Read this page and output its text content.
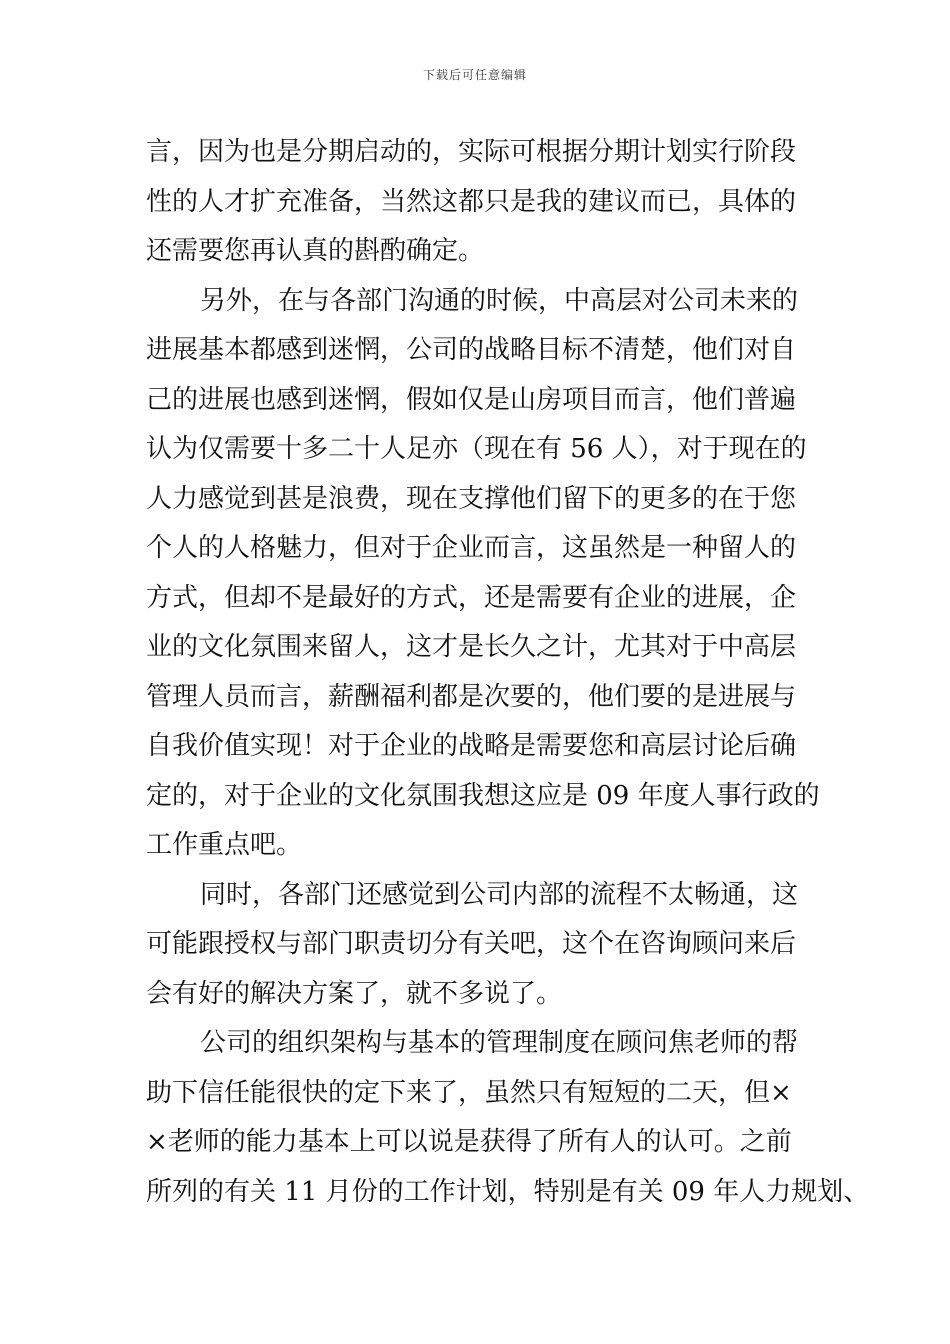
下载后可任意编辑
言，因为也是分期启动的，实际可根据分期计划实行阶段
性的人才扩充准备，当然这都只是我的建议而已，具体的
还需要您再认真的斟酌确定。
另外，在与各部门沟通的时候，中高层对公司未来的
进展基本都感到迷惘，公司的战略目标不清楚，他们对自
己的进展也感到迷惘，假如仅是山房项目而言，他们普遍
认为仅需要十多二十人足亦（现在有 56 人），对于现在的
人力感觉到甚是浪费，现在支撑他们留下的更多的在于您
个人的人格魅力，但对于企业而言，这虽然是一种留人的
方式，但却不是最好的方式，还是需要有企业的进展，企
业的文化氛围来留人，这才是长久之计，尤其对于中高层
管理人员而言，薪酬福利都是次要的，他们要的是进展与
自我价值实现！对于企业的战略是需要您和高层讨论后确
定的，对于企业的文化氛围我想这应是 09 年度人事行政的
工作重点吧。
同时，各部门还感觉到公司内部的流程不太畅通，这
可能跟授权与部门职责切分有关吧，这个在咨询顾问来后
会有好的解决方案了，就不多说了。
公司的组织架构与基本的管理制度在顾问焦老师的帮
助下信任能很快的定下来了，虽然只有短短的二天，但×
×老师的能力基本上可以说是获得了所有人的认可。之前
所列的有关 11 月份的工作计划，特别是有关 09 年人力规划、
